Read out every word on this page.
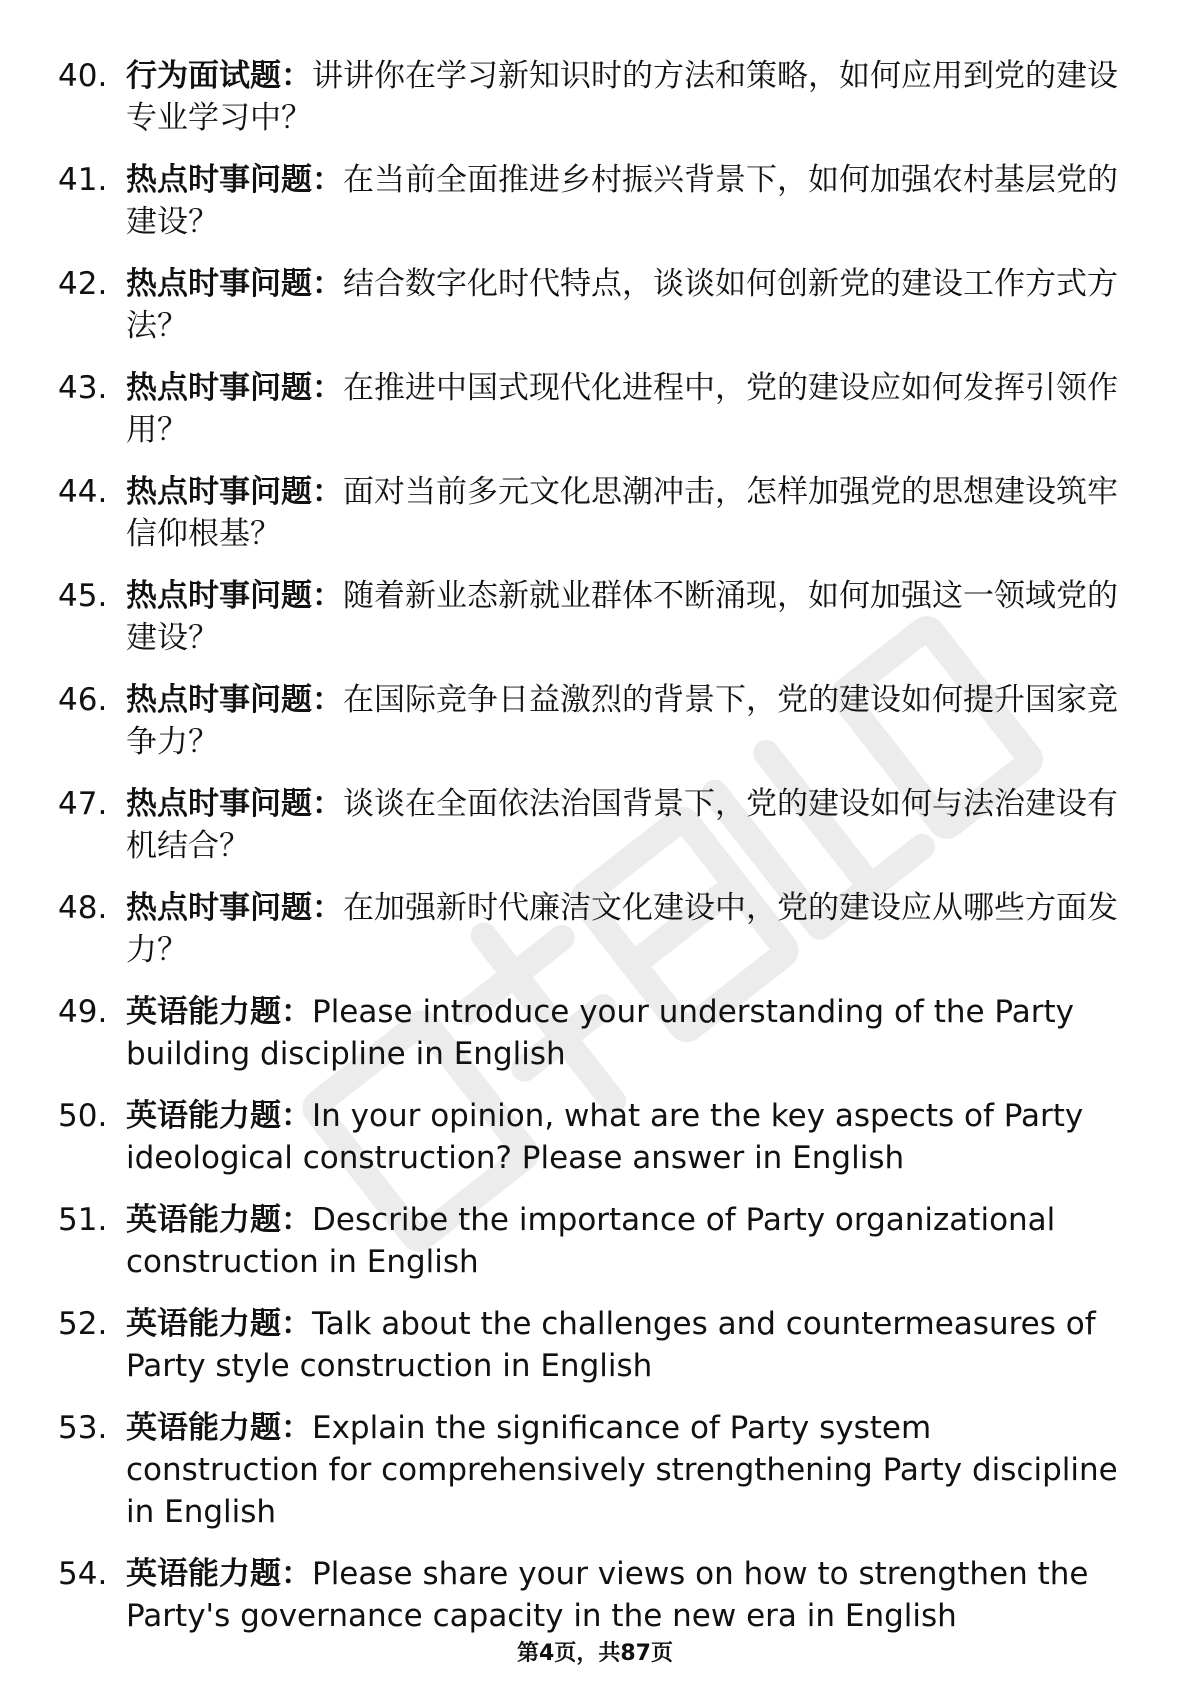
40. 行为面试题：讲讲你在学习新知识时的方法和策略，如何应用到党的建设专业学习中？
41. 热点时事问题：在当前全面推进乡村振兴背景下，如何加强农村基层党的建设？
42. 热点时事问题：结合数字化时代特点，谈谈如何创新党的建设工作方式方法？
43. 热点时事问题：在推进中国式现代化进程中，党的建设应如何发挥引领作用？
44. 热点时事问题：面对当前多元文化思潮冲击，怎样加强党的思想建设筑牢信仰根基？
45. 热点时事问题：随着新业态新就业群体不断涌现，如何加强这一领域党的建设？
46. 热点时事问题：在国际竞争日益激烈的背景下，党的建设如何提升国家竞争力？
47. 热点时事问题：谈谈在全面依法治国背景下，党的建设如何与法治建设有机结合？
48. 热点时事问题：在加强新时代廉洁文化建设中，党的建设应从哪些方面发力？
49. 英语能力题：Please introduce your understanding of the Party building discipline in English
50. 英语能力题：In your opinion, what are the key aspects of Party ideological construction? Please answer in English
51. 英语能力题：Describe the importance of Party organizational construction in English
52. 英语能力题：Talk about the challenges and countermeasures of Party style construction in English
53. 英语能力题：Explain the significance of Party system construction for comprehensively strengthening Party discipline in English
54. 英语能力题：Please share your views on how to strengthen the Party's governance capacity in the new era in English
第4页，共87页
